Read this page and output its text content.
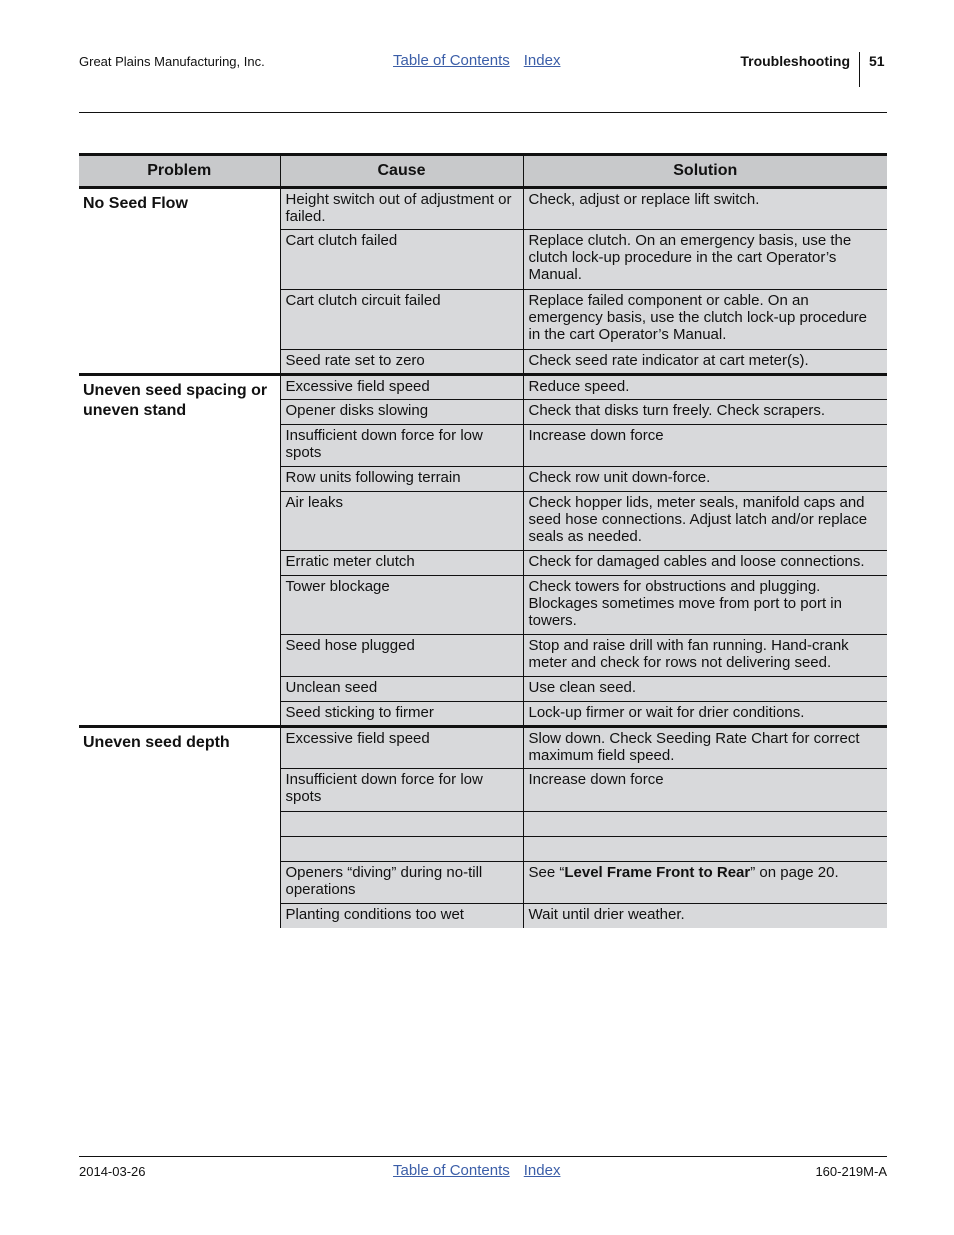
Great Plains Manufacturing, Inc.	Table of Contents Index	Troubleshooting 51
Problem	Cause	Solution
No Seed Flow	Height switch out of adjustment or failed.	Check, adjust or replace lift switch.
	Cart clutch failed	Replace clutch. On an emergency basis, use the clutch lock-up procedure in the cart Operator’s Manual.
	Cart clutch circuit failed	Replace failed component or cable. On an emergency basis, use the clutch lock-up procedure in the cart Operator’s Manual.
	Seed rate set to zero	Check seed rate indicator at cart meter(s).
Uneven seed spacing or uneven stand	Excessive field speed	Reduce speed.
	Opener disks slowing	Check that disks turn freely. Check scrapers.
	Insufficient down force for low spots	Increase down force
	Row units following terrain	Check row unit down-force.
	Air leaks	Check hopper lids, meter seals, manifold caps and seed hose connections. Adjust latch and/or replace seals as needed.
	Erratic meter clutch	Check for damaged cables and loose connections.
	Tower blockage	Check towers for obstructions and plugging. Blockages sometimes move from port to port in towers.
	Seed hose plugged	Stop and raise drill with fan running. Hand-crank meter and check for rows not delivering seed.
	Unclean seed	Use clean seed.
	Seed sticking to firmer	Lock-up firmer or wait for drier conditions.
Uneven seed depth	Excessive field speed	Slow down. Check Seeding Rate Chart for correct maximum field speed.
	Insufficient down force for low spots	Increase down force

	Openers “diving” during no-till operations	See “Level Frame Front to Rear” on page 20.
	Planting conditions too wet	Wait until drier weather.
2014-03-26	Table of Contents Index	160-219M-A
